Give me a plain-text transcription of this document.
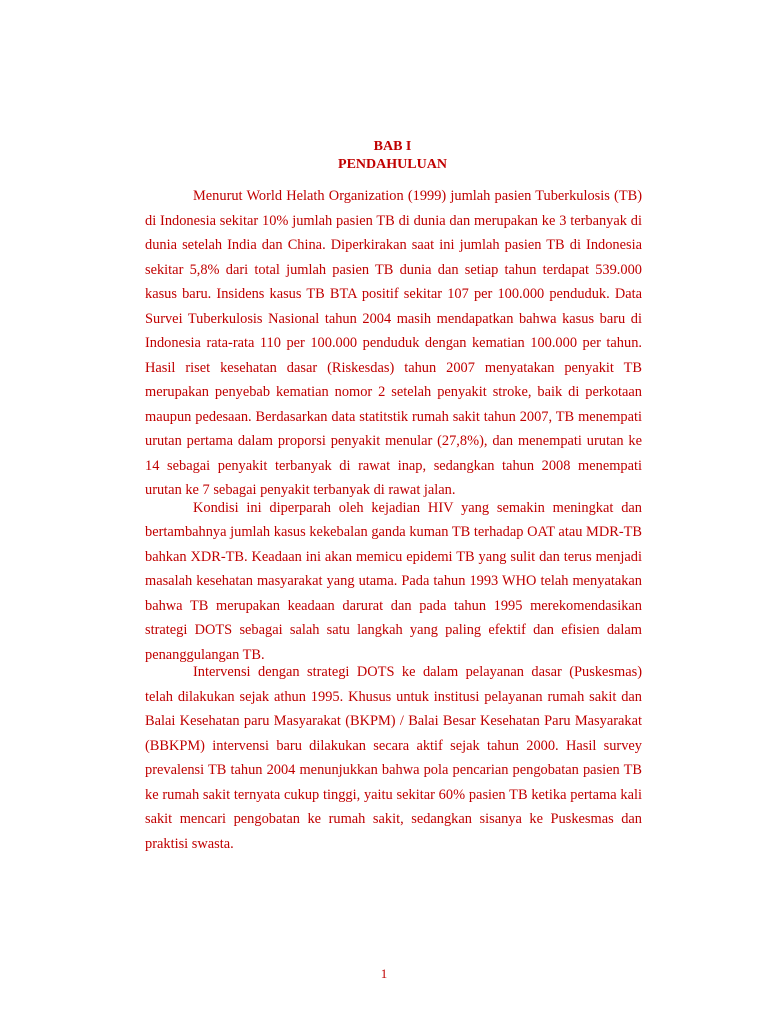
BAB I
PENDAHULUAN

Menurut World Helath Organization (1999) jumlah pasien Tuberkulosis (TB) di Indonesia sekitar 10% jumlah pasien TB di dunia dan merupakan ke 3 terbanyak di dunia setelah India dan China. Diperkirakan saat ini jumlah pasien TB di Indonesia sekitar 5,8% dari total jumlah pasien TB dunia dan setiap tahun terdapat 539.000 kasus baru. Insidens kasus TB BTA positif sekitar 107 per 100.000 penduduk. Data Survei Tuberkulosis Nasional tahun 2004 masih mendapatkan bahwa kasus baru di Indonesia rata-rata 110 per 100.000 penduduk dengan kematian 100.000 per tahun. Hasil riset kesehatan dasar (Riskesdas) tahun 2007 menyatakan penyakit TB merupakan penyebab kematian nomor 2 setelah penyakit stroke, baik di perkotaan maupun pedesaan. Berdasarkan data statitstik rumah sakit tahun 2007, TB menempati urutan pertama dalam proporsi penyakit menular (27,8%), dan menempati urutan ke 14 sebagai penyakit terbanyak di rawat inap, sedangkan tahun 2008 menempati urutan ke 7 sebagai penyakit terbanyak di rawat jalan.

Kondisi ini diperparah oleh kejadian HIV yang semakin meningkat dan bertambahnya jumlah kasus kekebalan ganda kuman TB terhadap OAT atau MDR-TB bahkan XDR-TB. Keadaan ini akan memicu epidemi TB yang sulit dan terus menjadi masalah kesehatan masyarakat yang utama. Pada tahun 1993 WHO telah menyatakan bahwa TB merupakan keadaan darurat dan pada tahun 1995 merekomendasikan strategi DOTS sebagai salah satu langkah yang paling efektif dan efisien dalam penanggulangan TB.

Intervensi dengan strategi DOTS ke dalam pelayanan dasar (Puskesmas) telah dilakukan sejak athun 1995. Khusus untuk institusi pelayanan rumah sakit dan Balai Kesehatan paru Masyarakat (BKPM) / Balai Besar Kesehatan Paru Masyarakat (BBKPM) intervensi baru dilakukan secara aktif sejak tahun 2000. Hasil survey prevalensi TB tahun 2004 menunjukkan bahwa pola pencarian pengobatan pasien TB ke rumah sakit ternyata cukup tinggi, yaitu sekitar 60% pasien TB ketika pertama kali sakit mencari pengobatan ke rumah sakit, sedangkan sisanya ke Puskesmas dan praktisi swasta.

1
